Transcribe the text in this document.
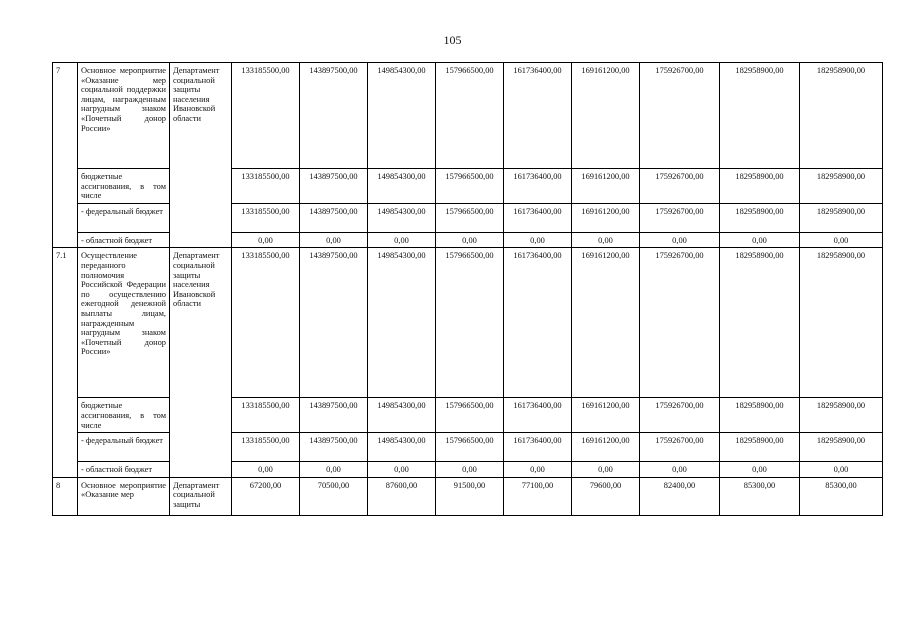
105
7	Основное мероприятие «Оказание мер социальной поддержки лицам, награжденным нагрудным знаком «Почетный донор России»	Департамент социальной защиты населения Ивановской области	133185500,00	143897500,00	149854300,00	157966500,00	161736400,00	169161200,00	175926700,00	182958900,00	182958900,00
	бюджетные ассигнования, в том числе		133185500,00	143897500,00	149854300,00	157966500,00	161736400,00	169161200,00	175926700,00	182958900,00	182958900,00
	- федеральный бюджет		133185500,00	143897500,00	149854300,00	157966500,00	161736400,00	169161200,00	175926700,00	182958900,00	182958900,00
	- областной бюджет		0,00	0,00	0,00	0,00	0,00	0,00	0,00	0,00	0,00
7.1	Осуществление переданного полномочия Российской Федерации по осуществлению ежегодной денежной выплаты лицам, награжденным нагрудным знаком «Почетный донор России»	Департамент социальной защиты населения Ивановской области	133185500,00	143897500,00	149854300,00	157966500,00	161736400,00	169161200,00	175926700,00	182958900,00	182958900,00
	бюджетные ассигнования, в том числе		133185500,00	143897500,00	149854300,00	157966500,00	161736400,00	169161200,00	175926700,00	182958900,00	182958900,00
	- федеральный бюджет		133185500,00	143897500,00	149854300,00	157966500,00	161736400,00	169161200,00	175926700,00	182958900,00	182958900,00
	- областной бюджет		0,00	0,00	0,00	0,00	0,00	0,00	0,00	0,00	0,00
8	Основное мероприятие «Оказание мер	Департамент социальной защиты	67200,00	70500,00	87600,00	91500,00	77100,00	79600,00	82400,00	85300,00	85300,00
